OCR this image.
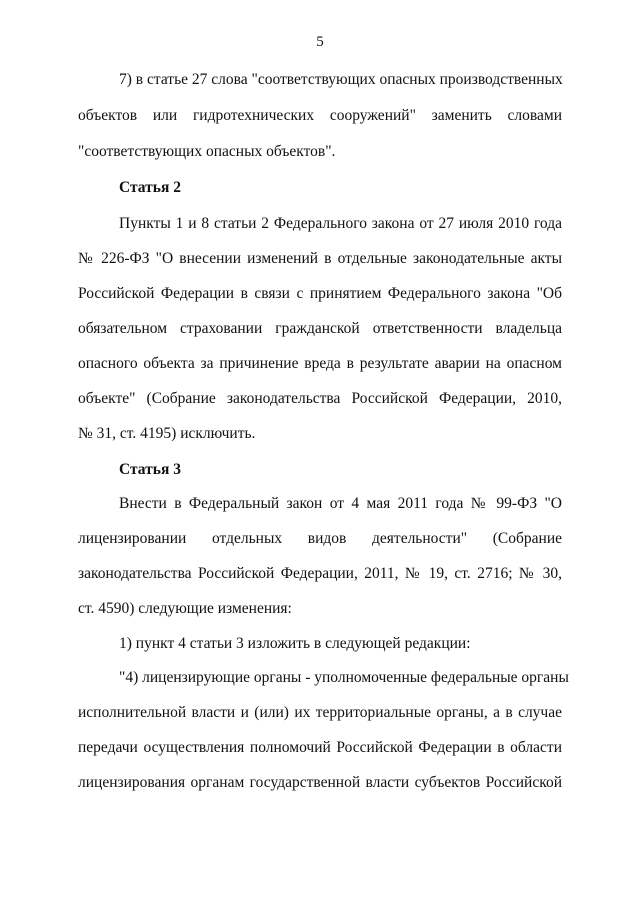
5
7) в статье 27 слова "соответствующих опасных производственных
объектов или гидротехнических сооружений" заменить словами
"соответствующих опасных объектов".
Статья 2
Пункты 1 и 8 статьи 2 Федерального закона от 27 июля 2010 года
№ 226-ФЗ "О внесении изменений в отдельные законодательные акты
Российской Федерации в связи с принятием Федерального закона "Об
обязательном страховании гражданской ответственности владельца
опасного объекта за причинение вреда в результате аварии на опасном
объекте" (Собрание законодательства Российской Федерации, 2010,
№ 31, ст. 4195) исключить.
Статья 3
Внести в Федеральный закон от 4 мая 2011 года № 99-ФЗ "О
лицензировании отдельных видов деятельности" (Собрание
законодательства Российской Федерации, 2011, № 19, ст. 2716; № 30,
ст. 4590) следующие изменения:
1) пункт 4 статьи 3 изложить в следующей редакции:
"4) лицензирующие органы - уполномоченные федеральные органы
исполнительной власти и (или) их территориальные органы, а в случае
передачи осуществления полномочий Российской Федерации в области
лицензирования органам государственной власти субъектов Российской
